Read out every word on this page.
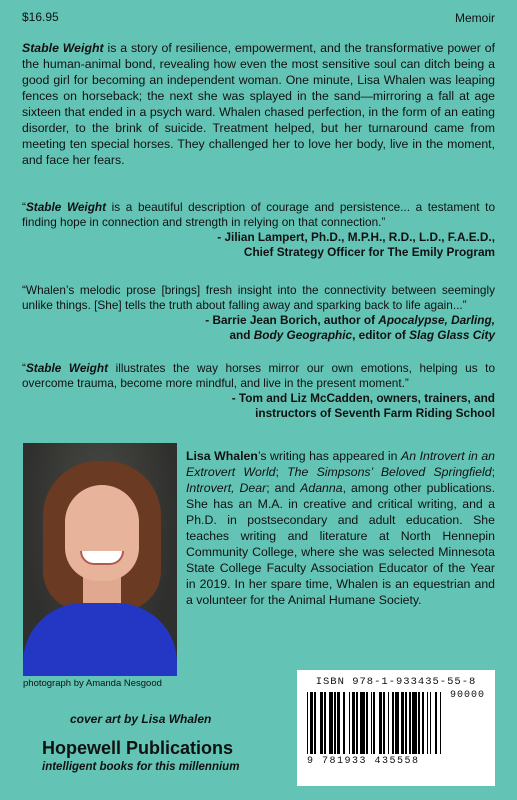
$16.95	Memoir
Stable Weight is a story of resilience, empowerment, and the transformative power of the human-animal bond, revealing how even the most sensitive soul can ditch being a good girl for becoming an independent woman. One minute, Lisa Whalen was leaping fences on horseback; the next she was splayed in the sand—mirroring a fall at age sixteen that ended in a psych ward. Whalen chased perfection, in the form of an eating disorder, to the brink of suicide. Treatment helped, but her turnaround came from meeting ten special horses. They challenged her to love her body, live in the moment, and face her fears.
“Stable Weight is a beautiful description of courage and persistence... a testament to finding hope in connection and strength in relying on that connection.”
- Jilian Lampert, Ph.D., M.P.H., R.D., L.D., F.A.E.D.,
Chief Strategy Officer for The Emily Program
“Whalen’s melodic prose [brings] fresh insight into the connectivity between seemingly unlike things. [She] tells the truth about falling away and sparking back to life again...”
- Barrie Jean Borich, author of Apocalypse, Darling,
and Body Geographic, editor of Slag Glass City
“Stable Weight illustrates the way horses mirror our own emotions, helping us to overcome trauma, become more mindful, and live in the present moment.”
- Tom and Liz McCadden, owners, trainers, and
instructors of Seventh Farm Riding School
photograph by Amanda Nesgood
Lisa Whalen’s writing has appeared in An Introvert in an Extrovert World; The Simpsons’ Beloved Springfield; Introvert, Dear; and Adanna, among other publications. She has an M.A. in creative and critical writing, and a Ph.D. in postsecondary and adult education. She teaches writing and literature at North Hennepin Community College, where she was selected Minnesota State College Faculty Association Educator of the Year in 2019. In her spare time, Whalen is an equestrian and a volunteer for the Animal Humane Society.
ISBN 978-1-933435-55-8
90000
9 781933 435558
cover art by Lisa Whalen
Hopewell Publications
intelligent books for this millennium
